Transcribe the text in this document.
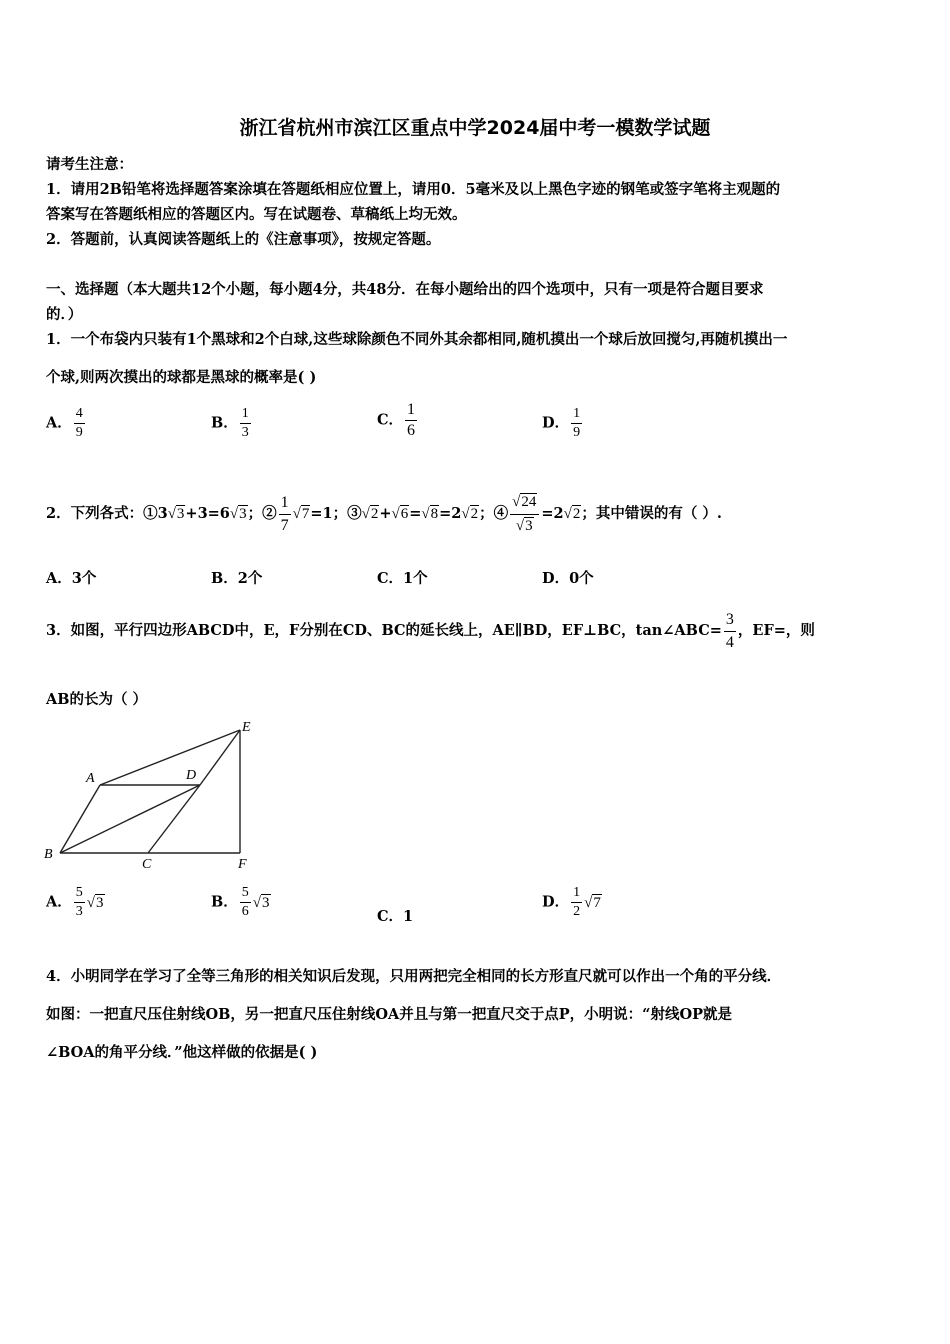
浙江省杭州市滨江区重点中学2024届中考一模数学试题
请考生注意：
1．请用2B铅笔将选择题答案涂填在答题纸相应位置上，请用0．5毫米及以上黑色字迹的钢笔或签字笔将主观题的
答案写在答题纸相应的答题区内。写在试题卷、草稿纸上均无效。
2．答题前，认真阅读答题纸上的《注意事项》，按规定答题。
一、选择题（本大题共12个小题，每小题4分，共48分．在每小题给出的四个选项中，只有一项是符合题目要求
的．）
1．一个布袋内只装有1个黑球和2个白球,这些球除颜色不同外其余都相同,随机摸出一个球后放回搅匀,再随机摸出一
个球,则两次摸出的球都是黑球的概率是( )
A． $\frac{4}{9}$	B． $\frac{1}{3}$	C． $\frac{1}{6}$	D． $\frac{1}{9}$
2．下列各式：①3√3+3=6√3；② $\frac{1}{7} √7=1$；③√2+√6=√8=2√2；④ $\frac{√24}{√3} =2√2$；其中错误的有（ ）.
A．3个	B．2个	C．1个	D．0个
3．如图，平行四边形ABCD中，E，F分别在CD、BC的延长线上，AE∥BD，EF⊥BC，tan∠ABC= $\frac{3}{4}$ ，EF=，则
AB的长为（ ）
A	D
E
B
C	F
A． $\frac{5}{3} √3$	B． $\frac{5}{6} √3$
C．1
D． $\frac{1}{2} √7$
4．小明同学在学习了全等三角形的相关知识后发现，只用两把完全相同的长方形直尺就可以作出一个角的平分线．
如图：一把直尺压住射线OB，另一把直尺压住射线OA并且与第一把直尺交于点P，小明说：“射线OP就是
∠BOA的角平分线．”他这样做的依据是( )
